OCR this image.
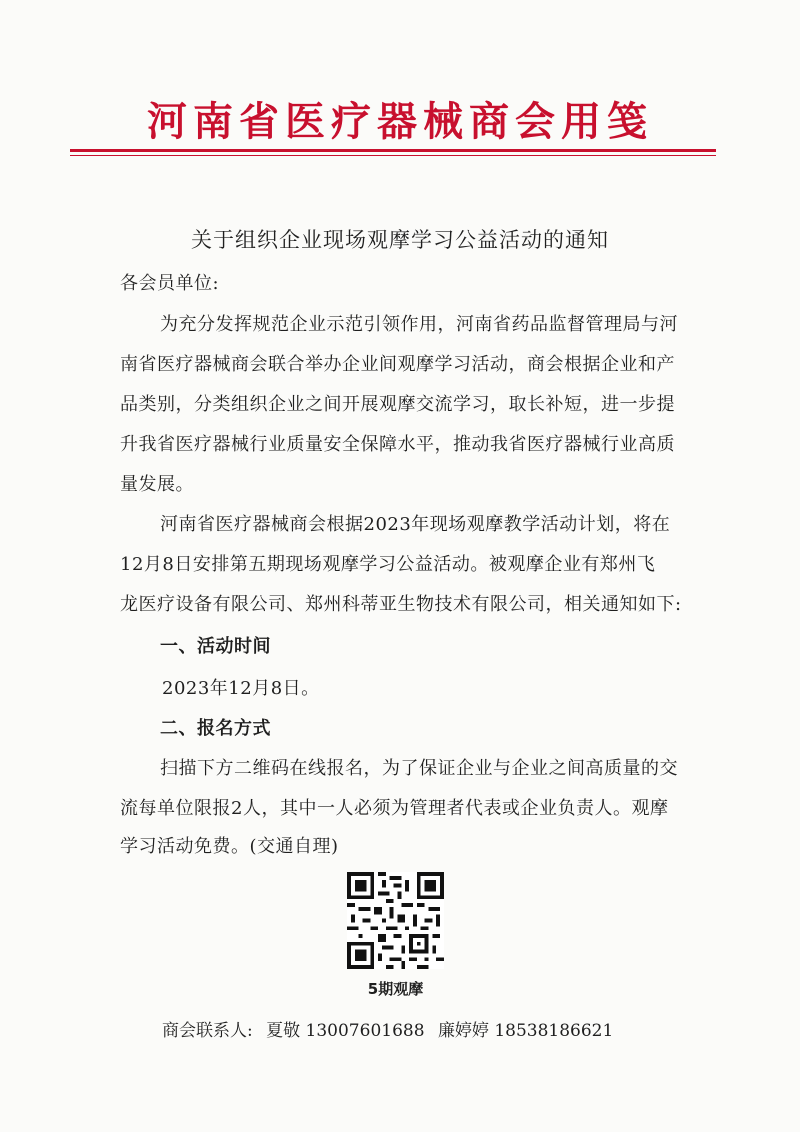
河南省医疗器械商会用笺
关于组织企业现场观摩学习公益活动的通知
各会员单位:
为充分发挥规范企业示范引领作用，河南省药品监督管理局与河
南省医疗器械商会联合举办企业间观摩学习活动，商会根据企业和产
品类别，分类组织企业之间开展观摩交流学习，取长补短，进一步提
升我省医疗器械行业质量安全保障水平，推动我省医疗器械行业高质
量发展。
河南省医疗器械商会根据2023年现场观摩教学活动计划，将在
12月8日安排第五期现场观摩学习公益活动。被观摩企业有郑州飞
龙医疗设备有限公司、郑州科蒂亚生物技术有限公司，相关通知如下:
一、活动时间
2023年12月8日。
二、报名方式
扫描下方二维码在线报名，为了保证企业与企业之间高质量的交
流每单位限报2人，其中一人必须为管理者代表或企业负责人。观摩
学习活动免费。(交通自理)
5期观摩
商会联系人: 夏敬 13007601688 廉婷婷 18538186621
